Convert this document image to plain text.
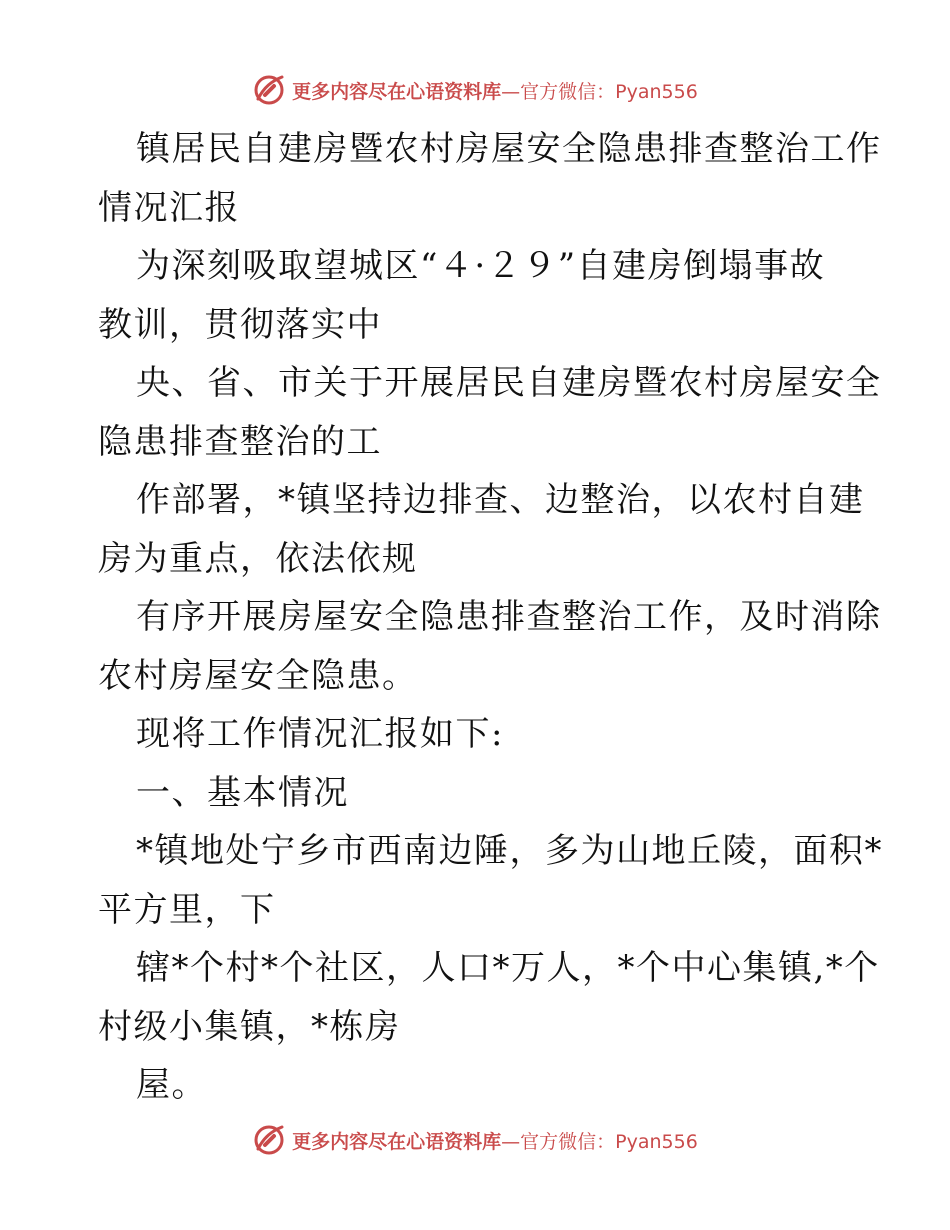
更多内容尽在心语资料库—官方微信：Pyan556
镇居民自建房暨农村房屋安全隐患排查整治工作
情况汇报
为深刻吸取望城区“４·２９”自建房倒塌事故
教训，贯彻落实中
央、省、市关于开展居民自建房暨农村房屋安全
隐患排查整治的工
作部署，*镇坚持边排查、边整治，以农村自建
房为重点，依法依规
有序开展房屋安全隐患排查整治工作，及时消除
农村房屋安全隐患。
现将工作情况汇报如下:
一、基本情况
*镇地处宁乡市西南边陲，多为山地丘陵，面积*
平方里，下
辖*个村*个社区，人口*万人，*个中心集镇,*个
村级小集镇，*栋房
屋。
更多内容尽在心语资料库—官方微信：Pyan556
